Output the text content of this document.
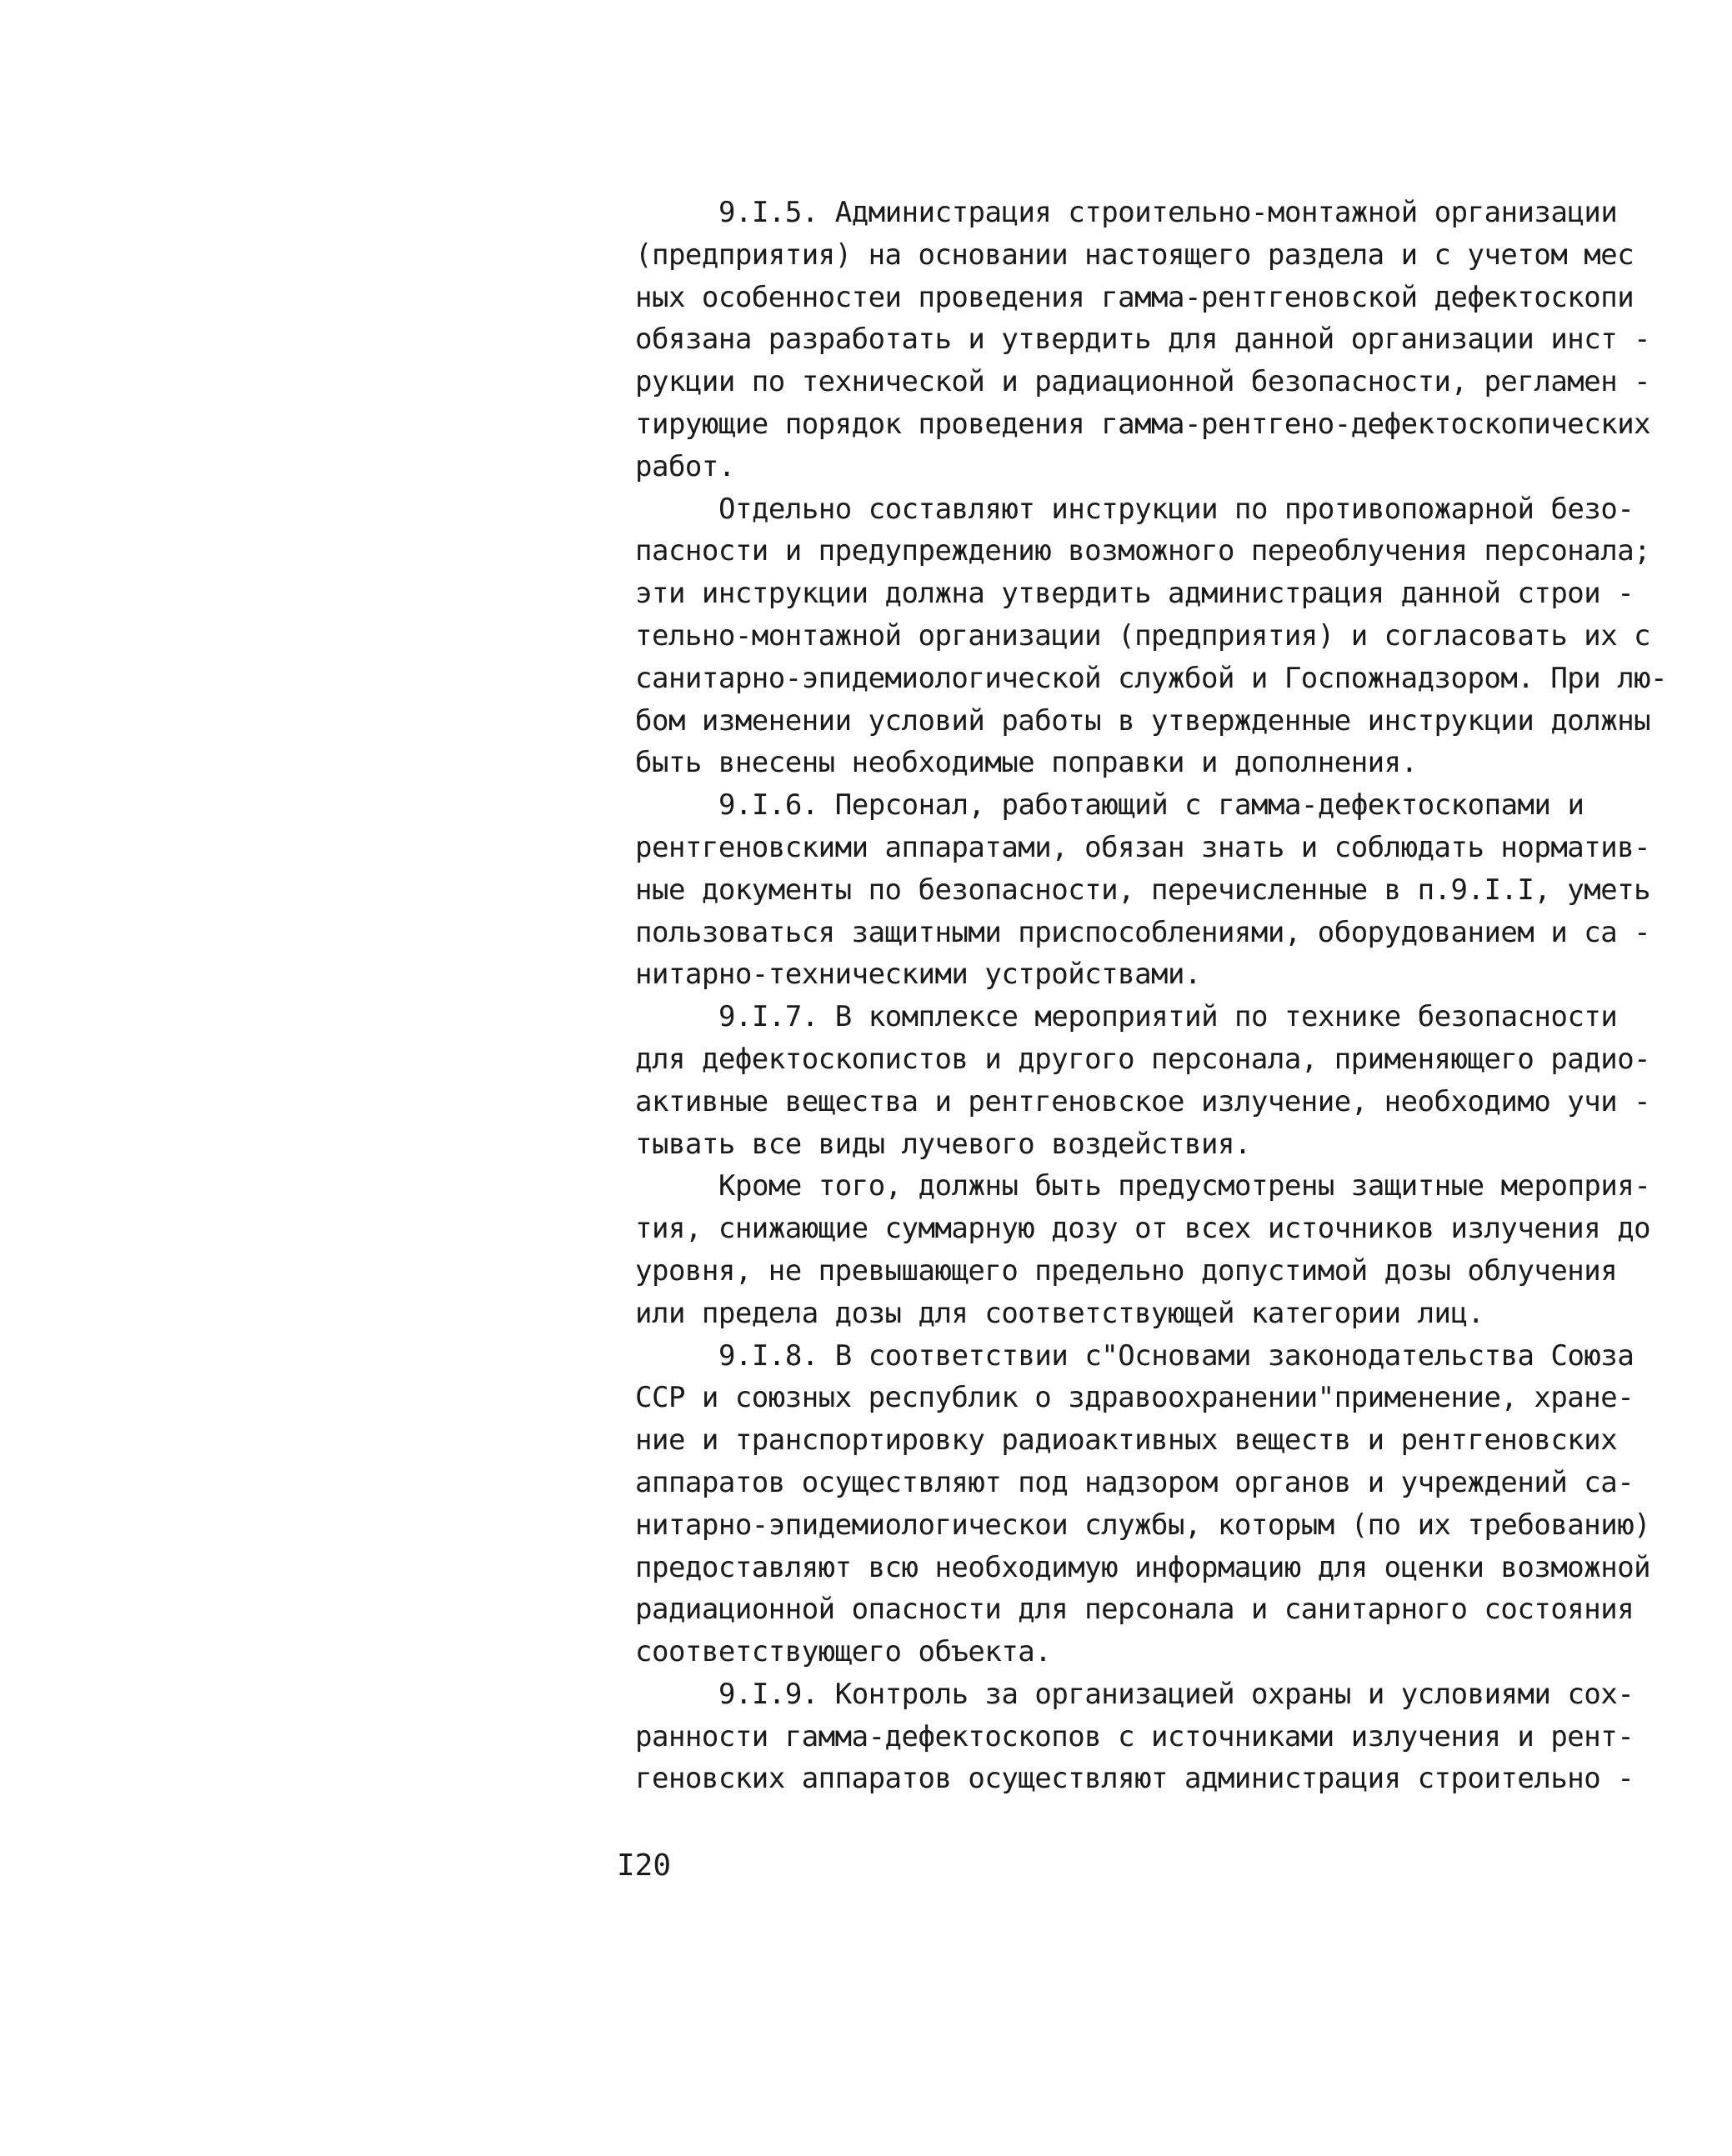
9.I.5. Администрация строительно-монтажной организации
(предприятия) на основании настоящего раздела и с учетом мес
ных особенностеи проведения гамма-рентгеновской дефектоскопи
обязана разработать и утвердить для данной организации инст -
рукции по технической и радиационной безопасности, регламен -
тирующие порядок проведения гамма-рентгено-дефектоскопических
работ.
Отдельно составляют инструкции по противопожарной безо-
пасности и предупреждению возможного переоблучения персонала;
эти инструкции должна утвердить администрация данной строи -
тельно-монтажной организации (предприятия) и согласовать их с
санитарно-эпидемиологической службой и Госпожнадзором. При лю-
бом изменении условий работы в утвержденные инструкции должны
быть внесены необходимые поправки и дополнения.
9.I.6. Персонал, работающий с гамма-дефектоскопами и
рентгеновскими аппаратами, обязан знать и соблюдать норматив-
ные документы по безопасности, перечисленные в п.9.I.I, уметь
пользоваться защитными приспособлениями, оборудованием и са -
нитарно-техническими устройствами.
9.I.7. В комплексе мероприятий по технике безопасности
для дефектоскопистов и другого персонала, применяющего радио-
активные вещества и рентгеновское излучение, необходимо учи -
тывать все виды лучевого воздействия.
Кроме того, должны быть предусмотрены защитные мероприя-
тия, снижающие суммарную дозу от всех источников излучения до
уровня, не превышающего предельно допустимой дозы облучения
или предела дозы для соответствующей категории лиц.
9.I.8. В соответствии с"Основами законодательства Союза
ССР и союзных республик о здравоохранении"применение, хране-
ние и транспортировку радиоактивных веществ и рентгеновских
аппаратов осуществляют под надзором органов и учреждений са-
нитарно-эпидемиологическои службы, которым (по их требованию)
предоставляют всю необходимую информацию для оценки возможной
радиационной опасности для персонала и санитарного состояния
соответствующего объекта.
9.I.9. Контроль за организацией охраны и условиями сох-
ранности гамма-дефектоскопов с источниками излучения и рент-
геновских аппаратов осуществляют администрация строительно -
I20
